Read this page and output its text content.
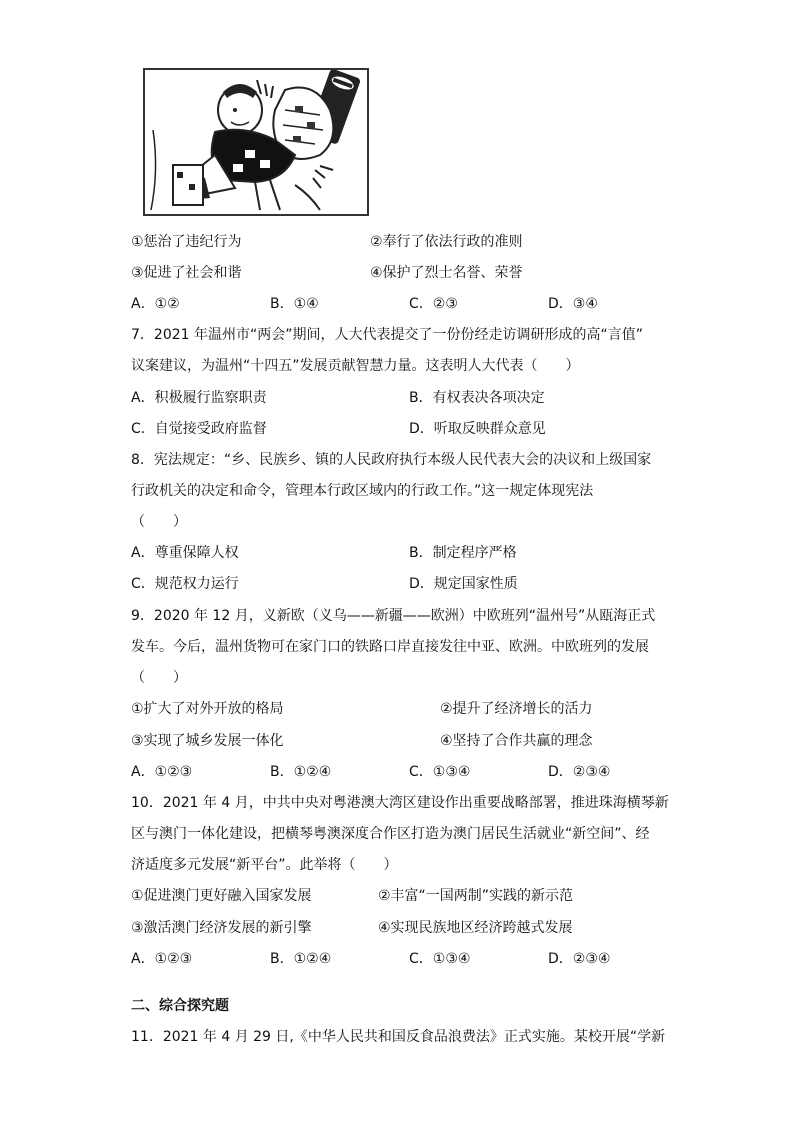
①惩治了违纪行为	②奉行了依法行政的准则
③促进了社会和谐	④保护了烈士名誉、荣誉
A．①②	B．①④	C．②③	D．③④
7．2021 年温州市“两会”期间，人大代表提交了一份份经走访调研形成的高“言值”
议案建议，为温州“十四五”发展贡献智慧力量。这表明人大代表（　　）
A．积极履行监察职责	B．有权表决各项决定
C．自觉接受政府监督	D．听取反映群众意见
8．宪法规定：“乡、民族乡、镇的人民政府执行本级人民代表大会的决议和上级国家
行政机关的决定和命令，管理本行政区域内的行政工作。”这一规定体现宪法
（　　）
A．尊重保障人权	B．制定程序严格
C．规范权力运行	D．规定国家性质
9．2020 年 12 月，义新欧（义乌——新疆——欧洲）中欧班列“温州号”从瓯海正式
发车。今后，温州货物可在家门口的铁路口岸直接发往中亚、欧洲。中欧班列的发展
（　　）
①扩大了对外开放的格局	②提升了经济增长的活力
③实现了城乡发展一体化	④坚持了合作共赢的理念
A．①②③	B．①②④	C．①③④	D．②③④
10．2021 年 4 月，中共中央对粤港澳大湾区建设作出重要战略部署，推进珠海横琴新
区与澳门一体化建设，把横琴粤澳深度合作区打造为澳门居民生活就业“新空间”、经
济适度多元发展“新平台”。此举将（　　）
①促进澳门更好融入国家发展	②丰富“一国两制”实践的新示范
③激活澳门经济发展的新引擎	④实现民族地区经济跨越式发展
A．①②③	B．①②④	C．①③④	D．②③④
二、综合探究题
11．2021 年 4 月 29 日,《中华人民共和国反食品浪费法》正式实施。某校开展“学新
